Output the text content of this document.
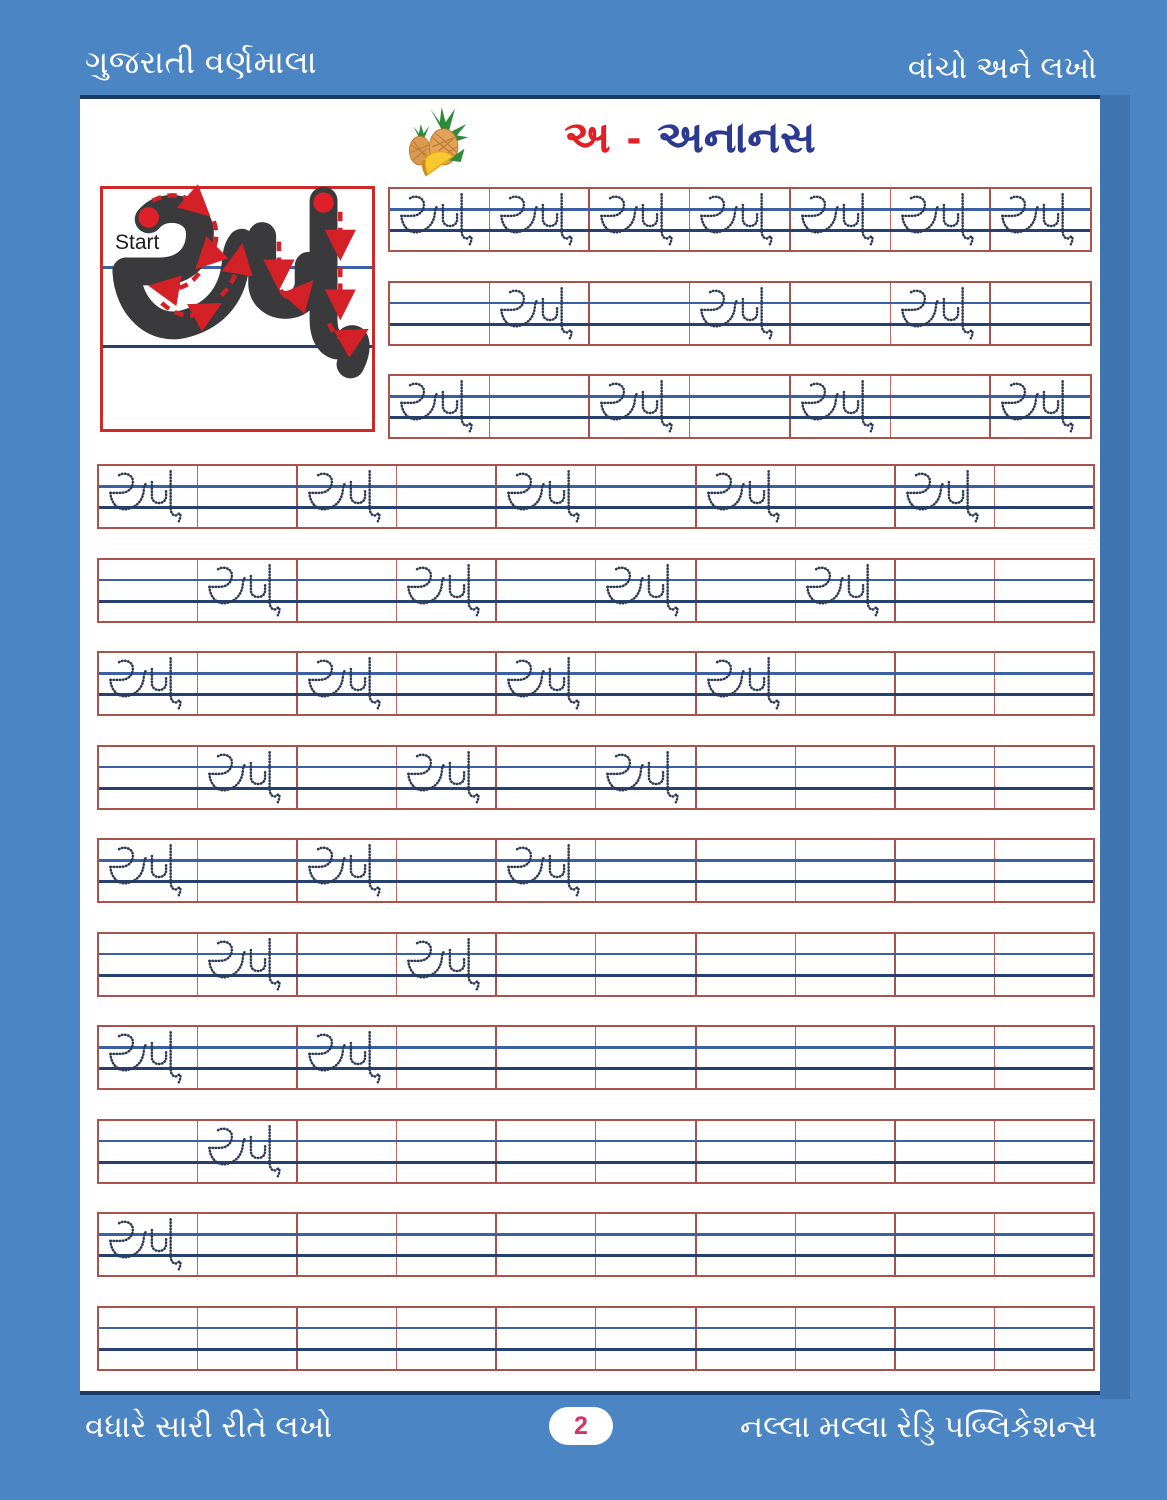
ગુજરાતી વર્ણમાલા	વાંચો અને લખો
અ - અનાનસ
Start
વધારે સારી રીતે લખો	2	નલ્લા મલ્લા રેડ્ડિ પબ્લિકેશન્સ
